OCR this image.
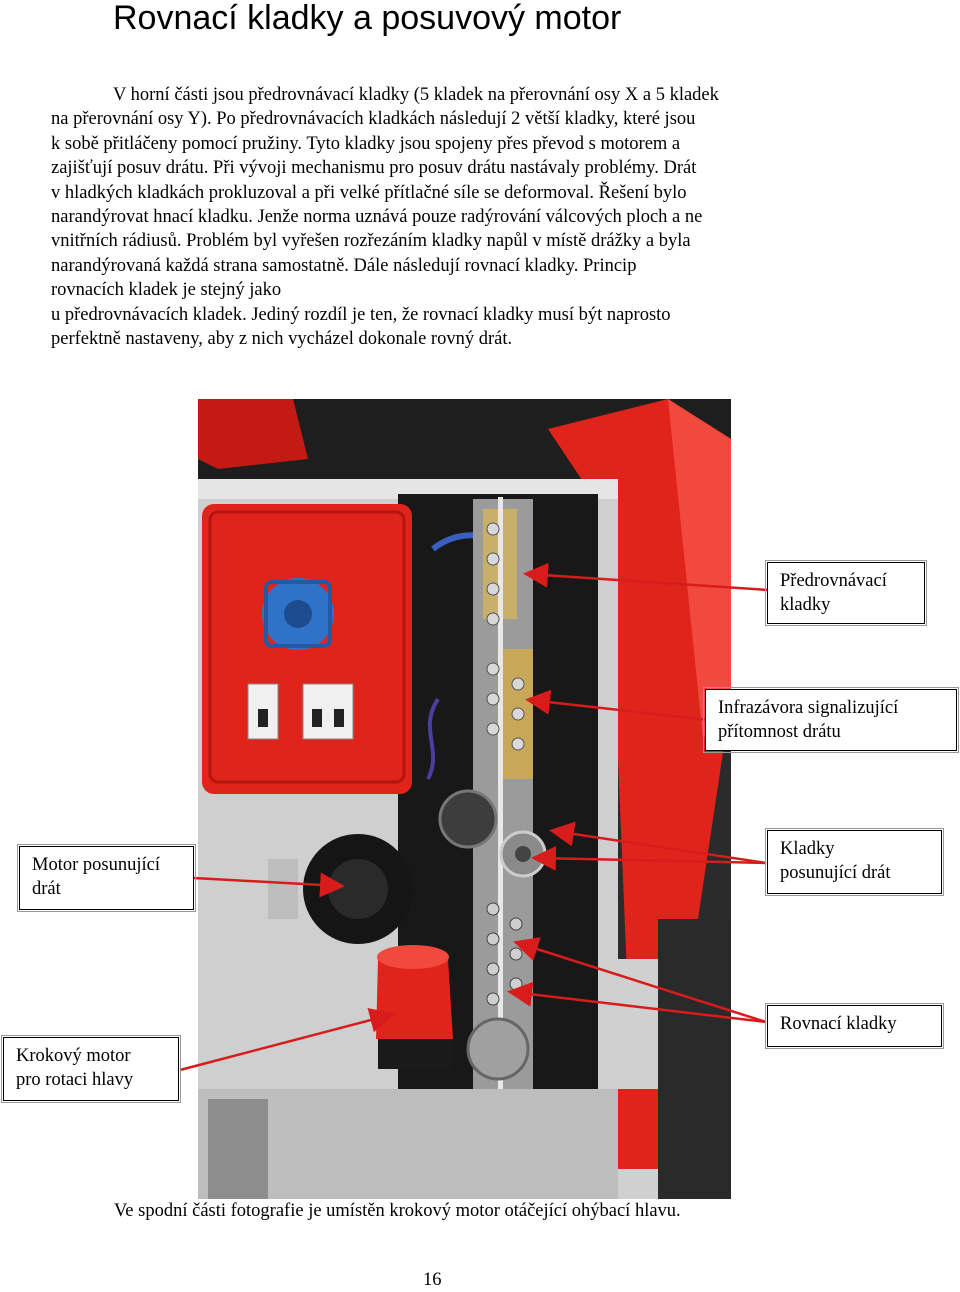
Rovnací kladky a posuvový motor
V horní části jsou předrovnávací kladky (5 kladek na přerovnání osy X a 5 kladek
na přerovnání osy Y). Po předrovnávacích kladkách následují 2 větší kladky, které jsou
k sobě přitláčeny pomocí pružiny. Tyto kladky jsou spojeny přes převod s motorem a
zajišťují posuv drátu. Při vývoji mechanismu pro posuv drátu nastávaly problémy. Drát
v hladkých kladkách prokluzoval a při velké přítlačné síle se deformoval. Řešení bylo
narandýrovat hnací kladku. Jenže norma uznává pouze radýrování válcových ploch a ne
vnitřních rádiusů. Problém byl vyřešen rozřezáním kladky napůl v místě drážky a byla
narandýrovaná každá strana samostatně. Dále následují rovnací kladky. Princip
rovnacích kladek je stejný jako
u předrovnávacích kladek. Jediný rozdíl je ten, že rovnací kladky musí být naprosto
perfektně nastaveny, aby z nich vycházel dokonale rovný drát.
Předrovnávací
kladky
Infrazávora signalizující
přítomnost drátu
Motor posunující
drát
Kladky
posunující drát
Rovnací kladky
Krokový motor
pro rotaci hlavy
Ve spodní části fotografie je umístěn krokový motor otáčející ohýbací hlavu.
16
